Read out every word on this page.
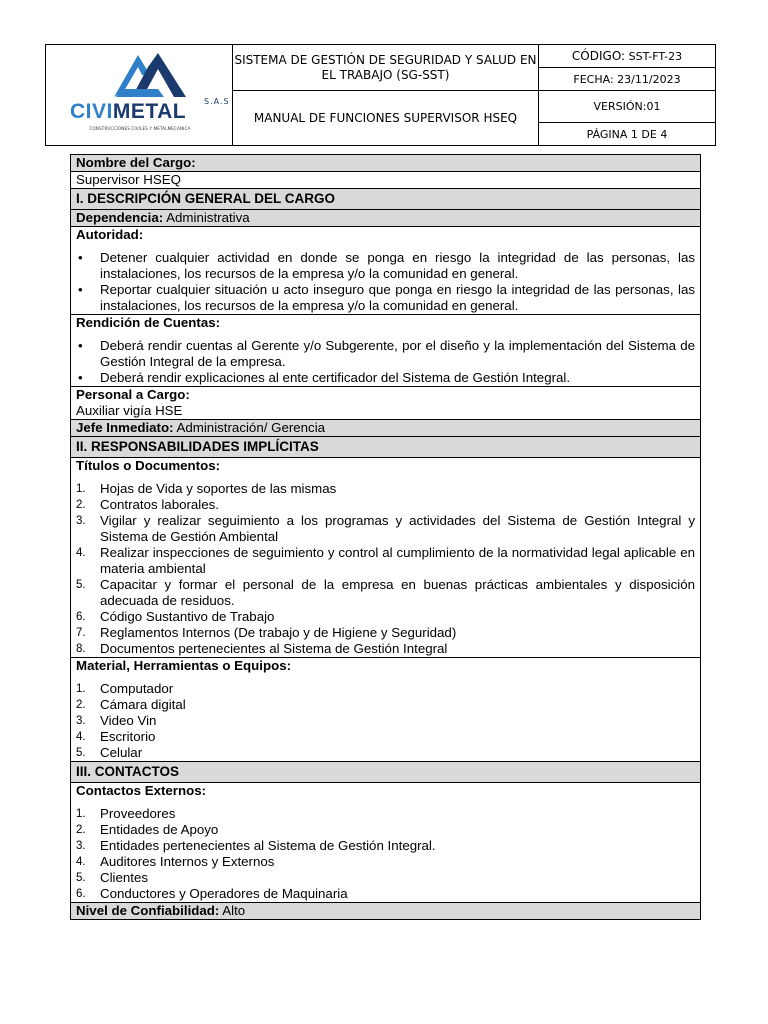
CIVIMETAL S.A.S
CONSTRUCCIONES CIVILES Y METALMECANICA	SISTEMA DE GESTIÓN DE SEGURIDAD Y SALUD EN EL TRABAJO (SG-SST)	CÓDIGO: SST-FT-23
		FECHA: 23/11/2023
	MANUAL DE FUNCIONES SUPERVISOR HSEQ	VERSIÓN:01
		PÁGINA 1 DE 4
Nombre del Cargo:
Supervisor HSEQ
I. DESCRIPCIÓN GENERAL DEL CARGO
Dependencia: Administrativa
Autoridad:
• Detener cualquier actividad en donde se ponga en riesgo la integridad de las personas, las instalaciones, los recursos de la empresa y/o la comunidad en general.
• Reportar cualquier situación u acto inseguro que ponga en riesgo la integridad de las personas, las instalaciones, los recursos de la empresa y/o la comunidad en general.
Rendición de Cuentas:
• Deberá rendir cuentas al Gerente y/o Subgerente, por el diseño y la implementación del Sistema de Gestión Integral de la empresa.
• Deberá rendir explicaciones al ente certificador del Sistema de Gestión Integral.
Personal a Cargo:
Auxiliar vigía HSE
Jefe Inmediato: Administración/ Gerencia
II. RESPONSABILIDADES IMPLÍCITAS
Títulos o Documentos:
1. Hojas de Vida y soportes de las mismas
2. Contratos laborales.
3. Vigilar y realizar seguimiento a los programas y actividades del Sistema de Gestión Integral y Sistema de Gestión Ambiental
4. Realizar inspecciones de seguimiento y control al cumplimiento de la normatividad legal aplicable en materia ambiental
5. Capacitar y formar el personal de la empresa en buenas prácticas ambientales y disposición adecuada de residuos.
6. Código Sustantivo de Trabajo
7. Reglamentos Internos (De trabajo y de Higiene y Seguridad)
8. Documentos pertenecientes al Sistema de Gestión Integral
Material, Herramientas o Equipos:
1. Computador
2. Cámara digital
3. Video Vin
4. Escritorio
5. Celular
III. CONTACTOS
Contactos Externos:
1. Proveedores
2. Entidades de Apoyo
3. Entidades pertenecientes al Sistema de Gestión Integral.
4. Auditores Internos y Externos
5. Clientes
6. Conductores y Operadores de Maquinaria
Nivel de Confiabilidad: Alto
